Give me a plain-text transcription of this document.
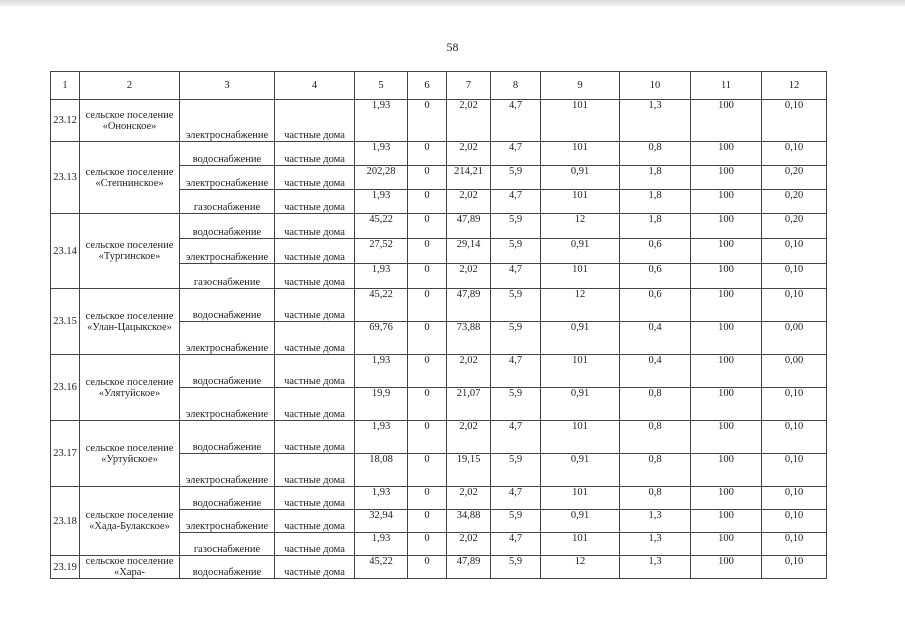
58
1	2	3	4	5	6	7	8	9	10	11	12
23.12	сельское поселение «Ононское»	электроснабжение	частные дома	1,93	0	2,02	4,7	101	1,3	100	0,10
23.13	сельское поселение «Степнинское»	водоснабжение	частные дома	1,93	0	2,02	4,7	101	0,8	100	0,10
		электроснабжение	частные дома	202,28	0	214,21	5,9	0,91	1,8	100	0,20
		газоснабжение	частные дома	1,93	0	2,02	4,7	101	1,8	100	0,20
23.14	сельское поселение «Тургинское»	водоснабжение	частные дома	45,22	0	47,89	5,9	12	1,8	100	0,20
		электроснабжение	частные дома	27,52	0	29,14	5,9	0,91	0,6	100	0,10
		газоснабжение	частные дома	1,93	0	2,02	4,7	101	0,6	100	0,10
23.15	сельское поселение «Улан-Цацыкское»	водоснабжение	частные дома	45,22	0	47,89	5,9	12	0,6	100	0,10
		электроснабжение	частные дома	69,76	0	73,88	5,9	0,91	0,4	100	0,00
23.16	сельское поселение «Улятуйское»	водоснабжение	частные дома	1,93	0	2,02	4,7	101	0,4	100	0,00
		электроснабжение	частные дома	19,9	0	21,07	5,9	0,91	0,8	100	0,10
23.17	сельское поселение «Уртуйское»	водоснабжение	частные дома	1,93	0	2,02	4,7	101	0,8	100	0,10
		электроснабжение	частные дома	18,08	0	19,15	5,9	0,91	0,8	100	0,10
23.18	сельское поселение «Хада-Булакское»	водоснабжение	частные дома	1,93	0	2,02	4,7	101	0,8	100	0,10
		электроснабжение	частные дома	32,94	0	34,88	5,9	0,91	1,3	100	0,10
		газоснабжение	частные дома	1,93	0	2,02	4,7	101	1,3	100	0,10
23.19	сельское поселение «Хара-	водоснабжение	частные дома	45,22	0	47,89	5,9	12	1,3	100	0,10
